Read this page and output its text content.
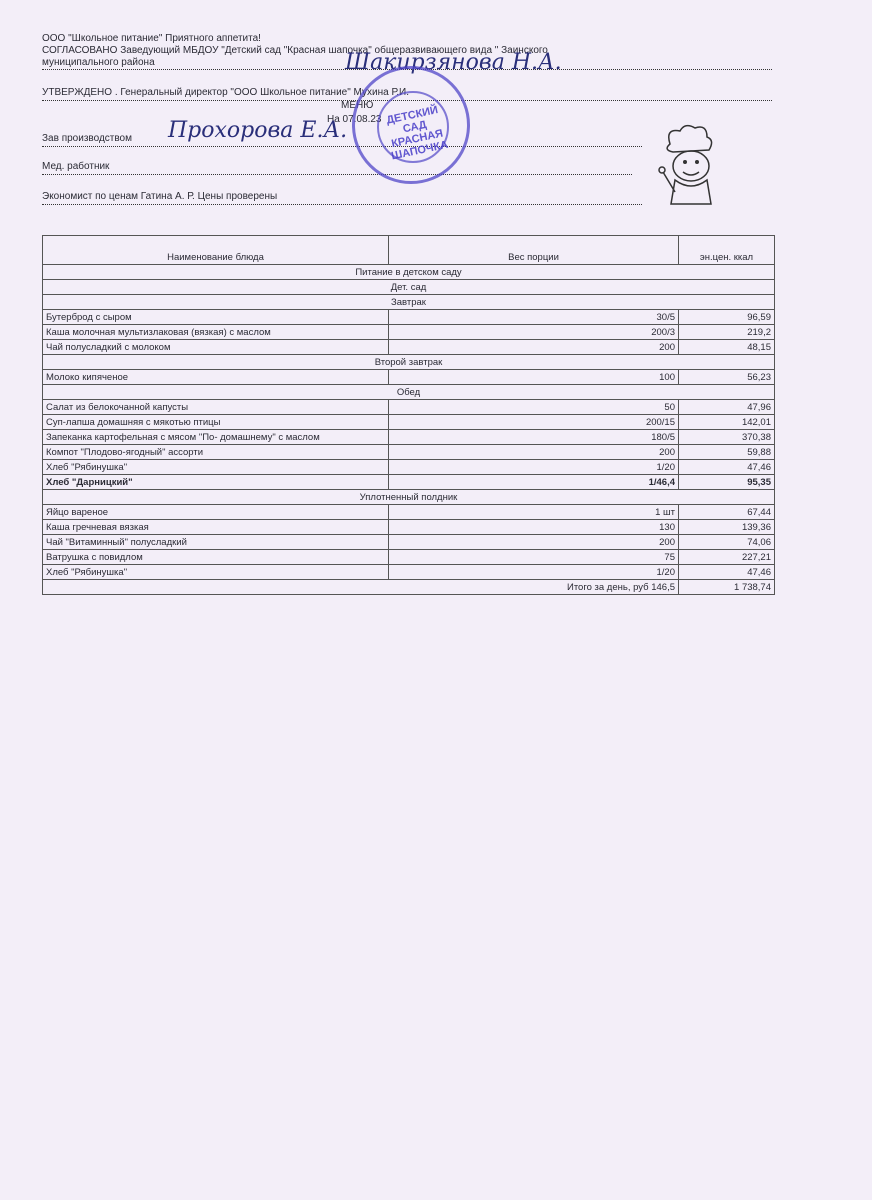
ООО "Школьное питание" Приятного аппетита!
СОГЛАСОВАНО Заведующий МБДОУ "Детский сад "Красная шапочка" общеразвивающего вида " Заинского
муниципального района	Шакирзянова Н.А.
УТВЕРЖДЕНО . Генеральный директор "ООО Школьное питание" Мухина Р.И.
МЕНЮ
На 07.08.23
Зав производством Прохорова Е.А.
Мед. работник
Экономист по ценам Гатина А. Р. Цены проверены
ДЕТСКИЙ САД КРАСНАЯ ШАПОЧКА
Наименование блюда	Вес порции	эн.цен. ккал
Питание в детском саду		
Дет. сад		
Завтрак		
Бутерброд с сыром	30/5	96,59
Каша молочная мультизлаковая (вязкая) с маслом	200/3	219,2
Чай полусладкий с молоком	200	48,15
Второй завтрак		
Молоко кипяченое	100	56,23
Обед		
Салат из белокочанной капусты	50	47,96
Суп-лапша домашняя с мякотью птицы	200/15	142,01
Запеканка картофельная с мясом "По- домашнему" с маслом	180/5	370,38
Компот "Плодово-ягодный" ассорти	200	59,88
Хлеб "Рябинушка"	1/20	47,46
Хлеб "Дарницкий"	1/46,4	95,35
Уплотненный полдник		
Яйцо вареное	1 шт	67,44
Каша гречневая вязкая	130	139,36
Чай "Витаминный" полусладкий	200	74,06
Ватрушка с повидлом	75	227,21
Хлеб "Рябинушка"	1/20	47,46
Итого за день, руб 146,5		1 738,74
